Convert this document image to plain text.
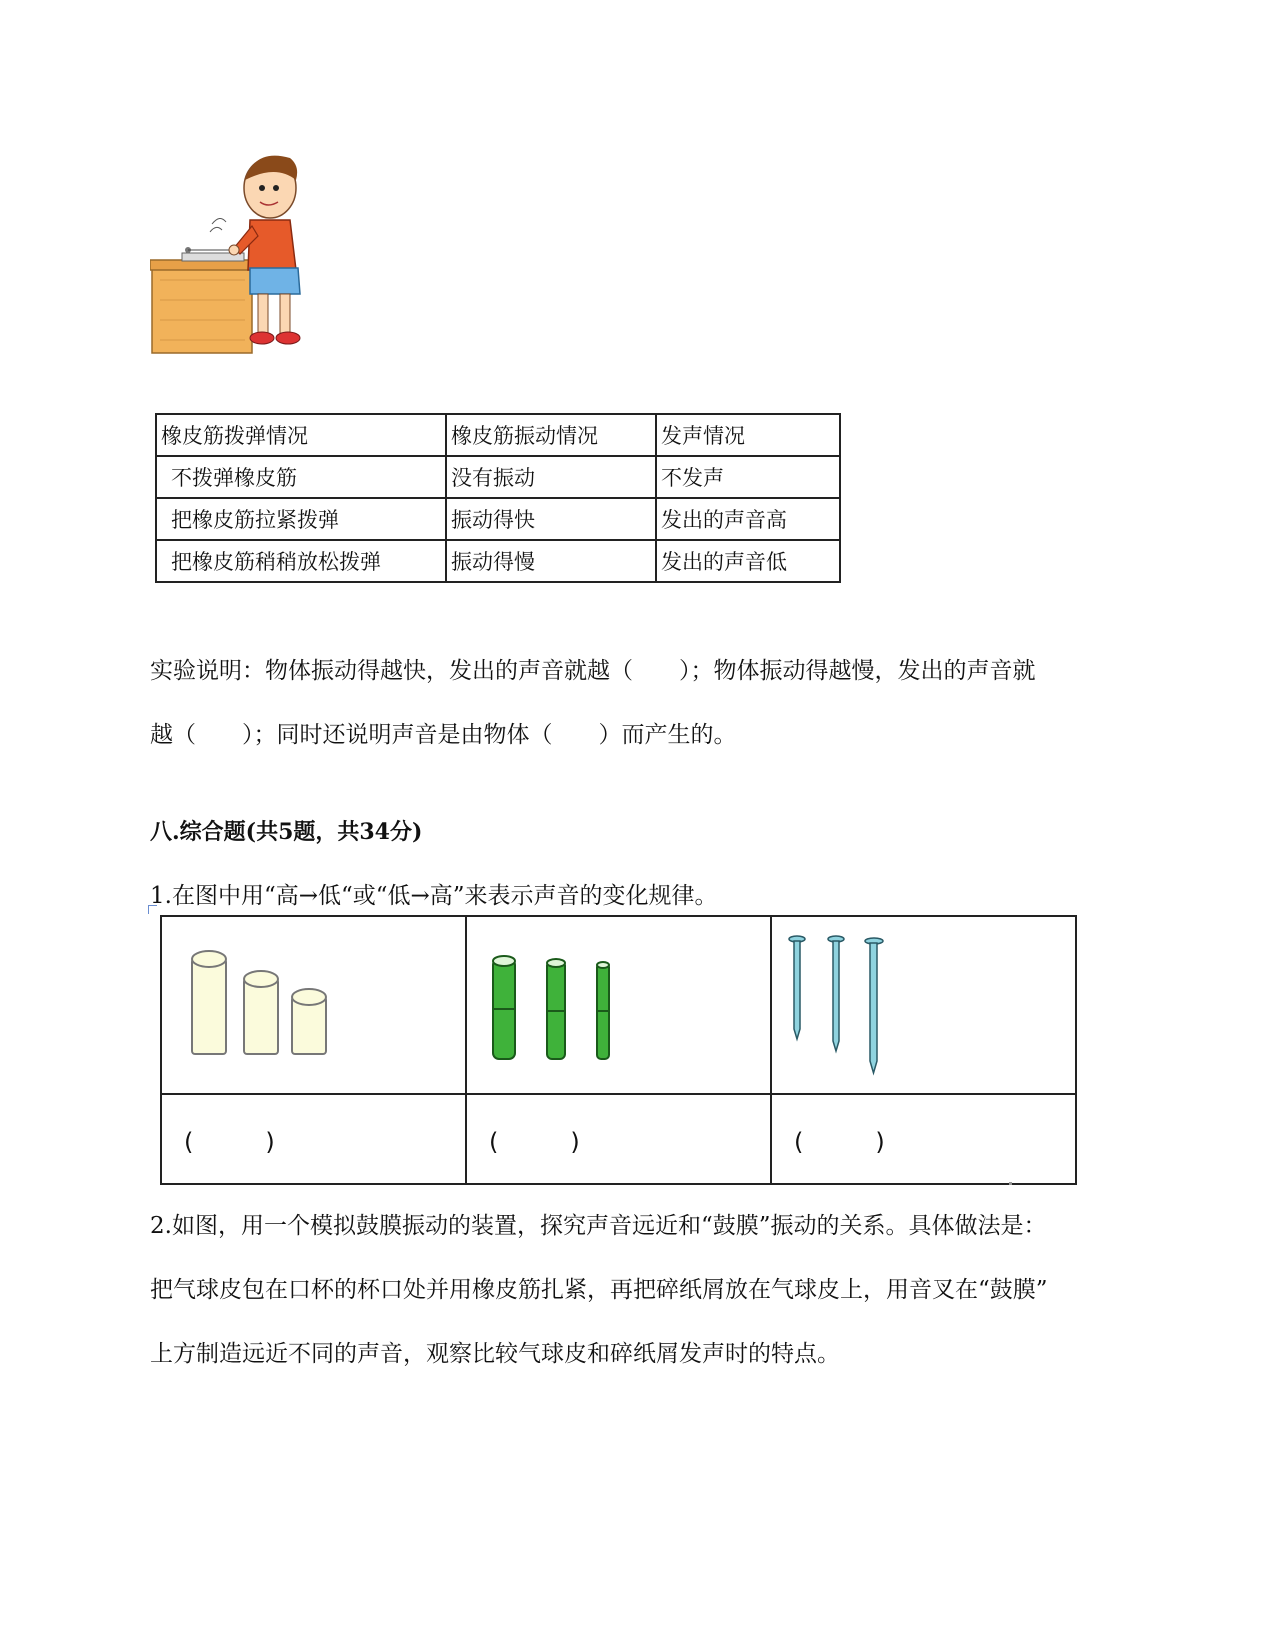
橡皮筋拨弹情况	橡皮筋振动情况	发声情况
不拨弹橡皮筋	没有振动	不发声
把橡皮筋拉紧拨弹	振动得快	发出的声音高
把橡皮筋稍稍放松拨弹	振动得慢	发出的声音低
实验说明：物体振动得越快，发出的声音就越（　　）；物体振动得越慢，发出的声音就
越（　　）；同时还说明声音是由物体（　　）而产生的。
八.综合题(共5题，共34分)
1.在图中用“高→低“或“低→高”来表示声音的变化规律。

(　　　)	(　　　)	(　　　)
2.如图，用一个模拟鼓膜振动的装置，探究声音远近和“鼓膜”振动的关系。具体做法是：
把气球皮包在口杯的杯口处并用橡皮筋扎紧，再把碎纸屑放在气球皮上，用音叉在“鼓膜”
上方制造远近不同的声音，观察比较气球皮和碎纸屑发声时的特点。
